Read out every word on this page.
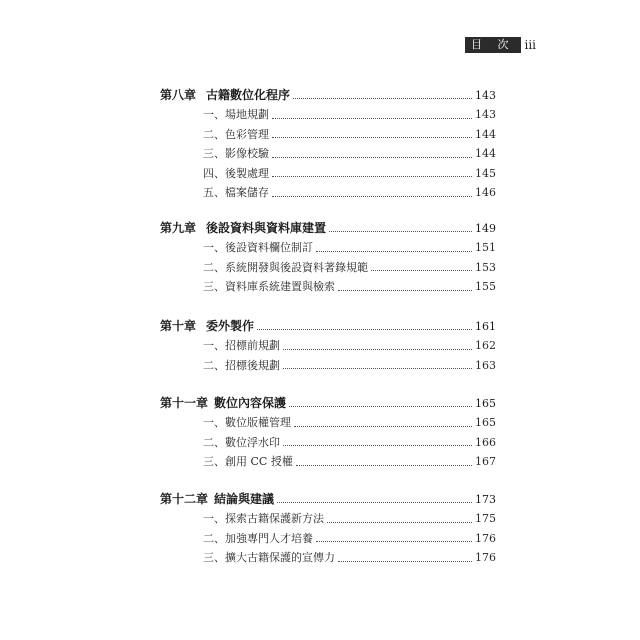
目 次 iii
第八章 古籍數位化程序	143
一、場地規劃	143
二、色彩管理	144
三、影像校驗	144
四、後製處理	145
五、檔案儲存	146
第九章 後設資料與資料庫建置	149
一、後設資料欄位制訂	151
二、系統開發與後設資料著錄規範	153
三、資料庫系統建置與檢索	155
第十章 委外製作	161
一、招標前規劃	162
二、招標後規劃	163
第十一章 數位內容保護	165
一、數位版權管理	165
二、數位浮水印	166
三、創用 CC 授權	167
第十二章 結論與建議	173
一、探索古籍保護新方法	175
二、加強專門人才培養	176
三、擴大古籍保護的宣傳力	176
